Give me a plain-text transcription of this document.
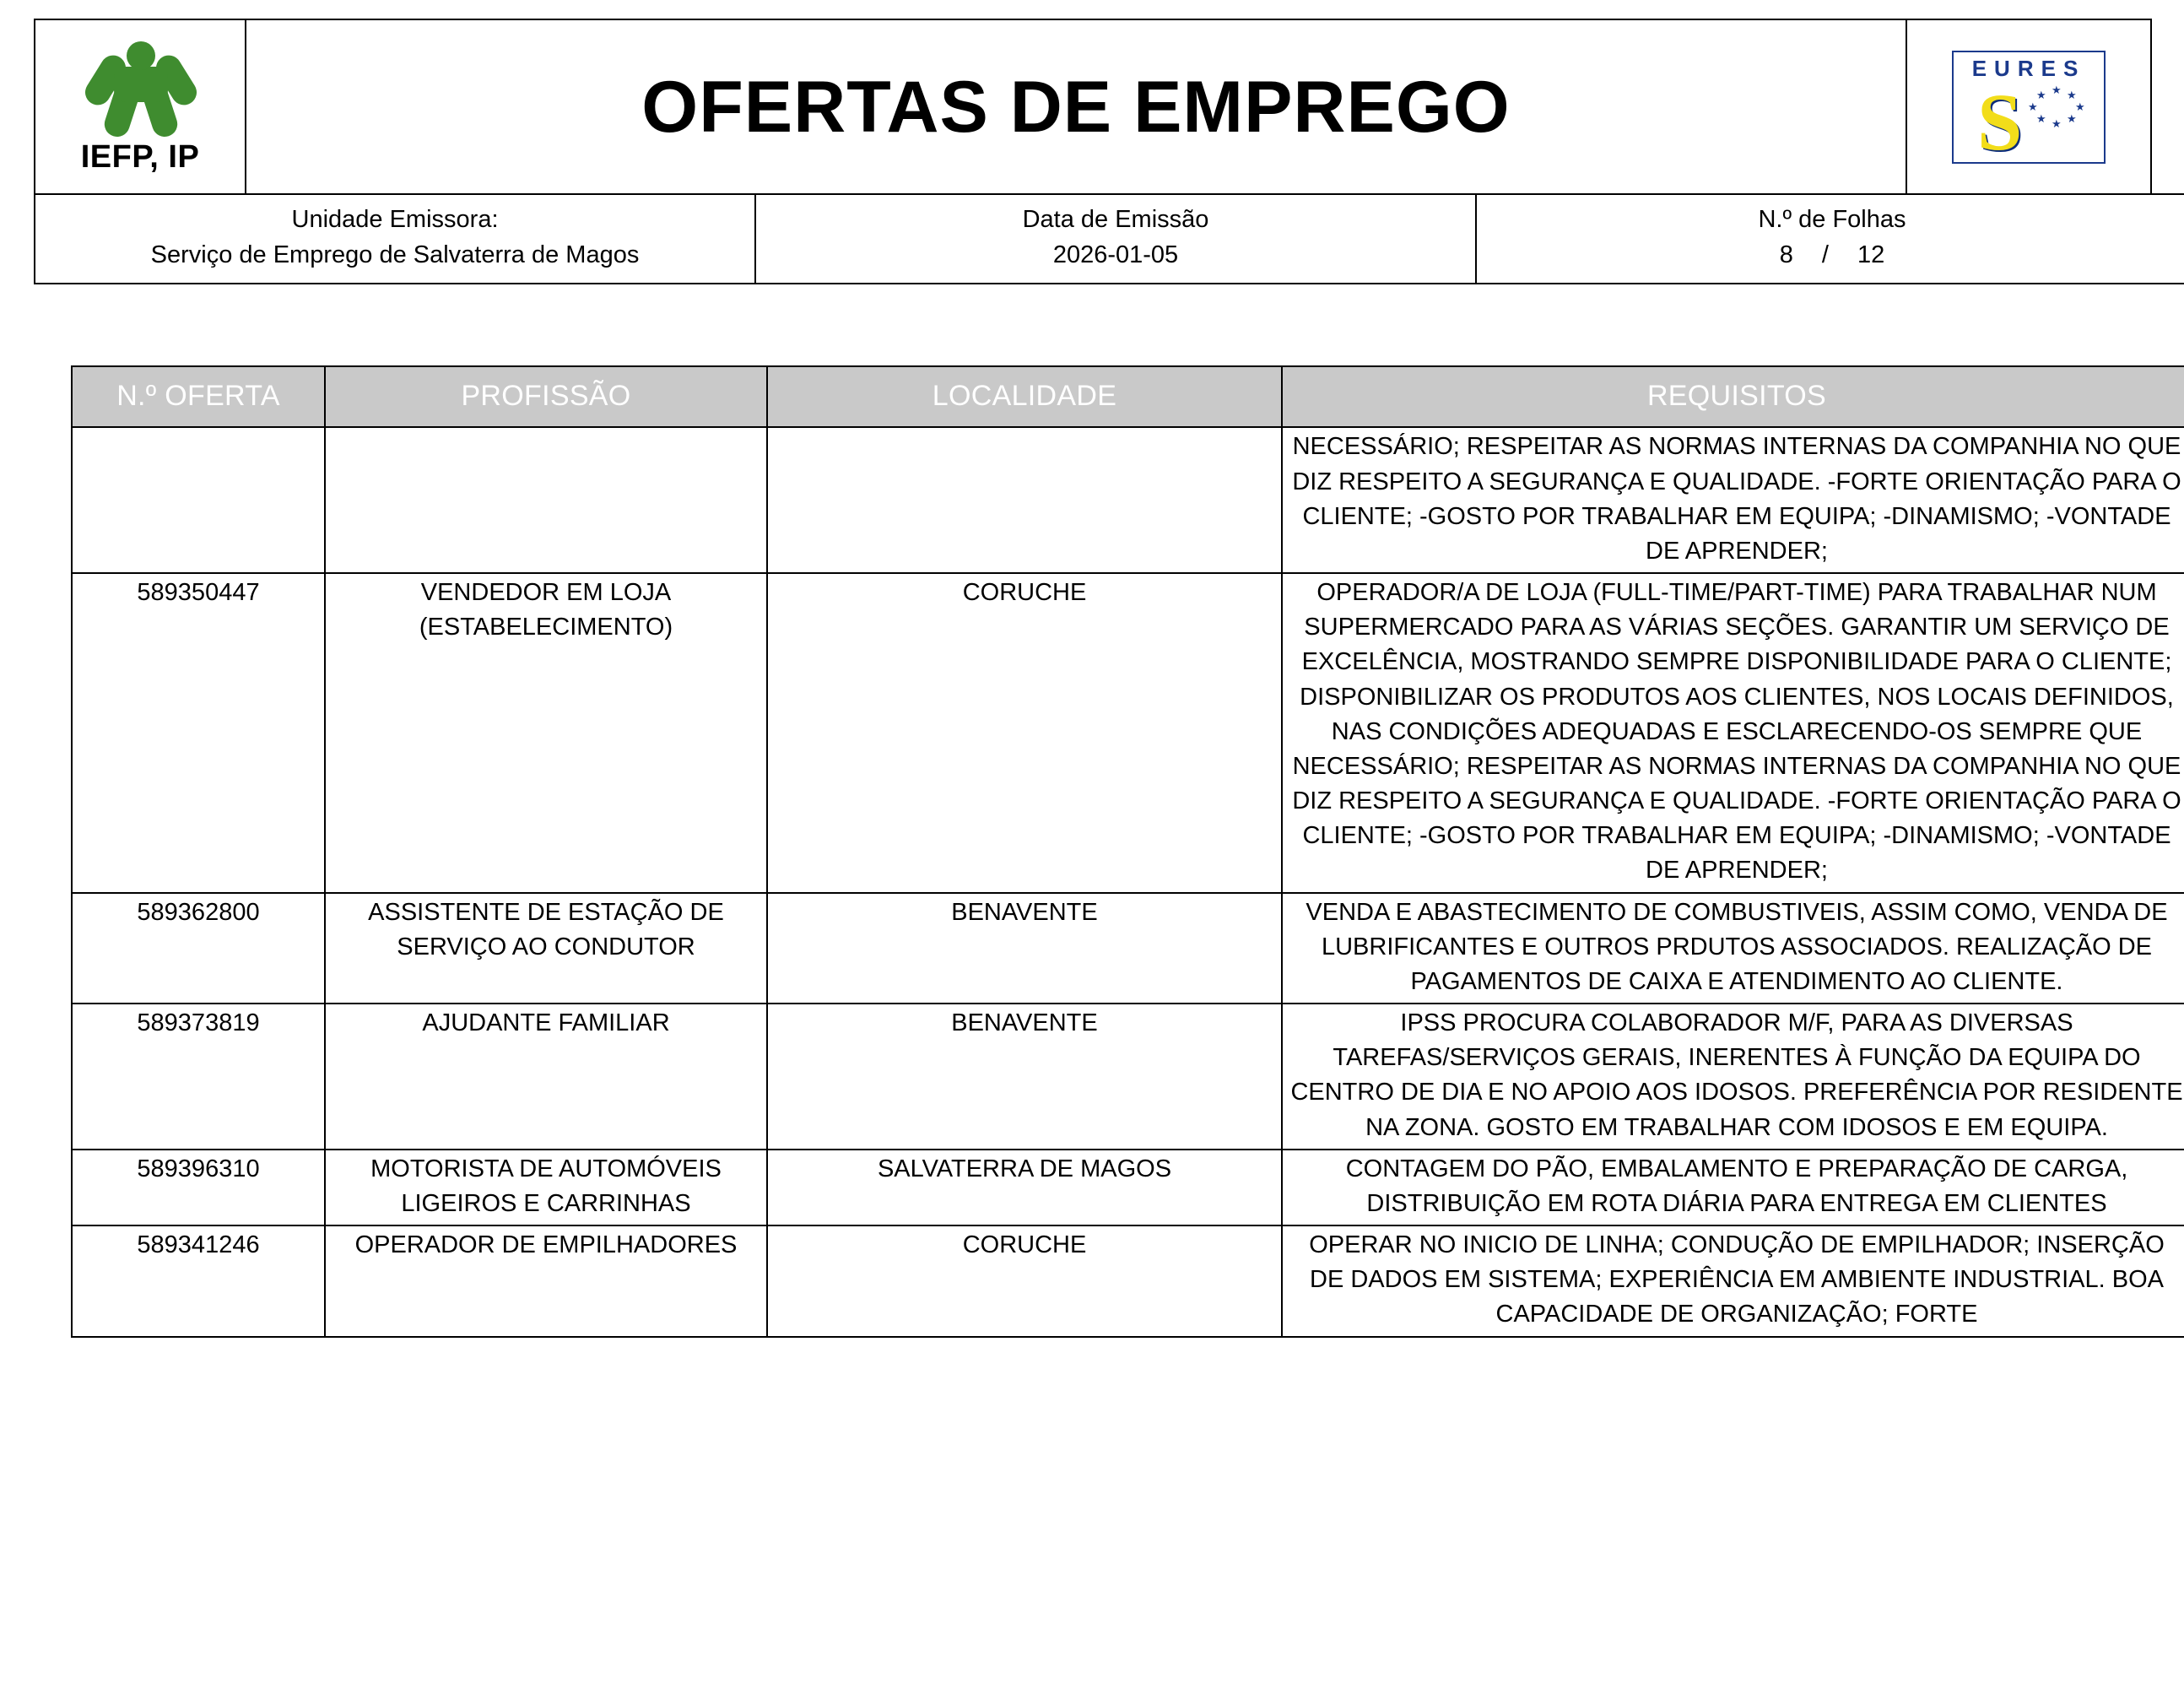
IEFP, IP

OFERTAS DE EMPREGO	EURES
S	★ ★
★
★
★
★
★
★
Unidade Emissora:
Serviço de Emprego de Salvaterra de Magos

Data de Emissão
2026-01-05

N.º de Folhas
8 / 12
N.º OFERTA	PROFISSÃO	LOCALIDADE	REQUISITOS
			NECESSÁRIO; RESPEITAR AS NORMAS INTERNAS DA COMPANHIA NO QUE DIZ RESPEITO A SEGURANÇA E QUALIDADE. -FORTE ORIENTAÇÃO PARA O CLIENTE; -GOSTO POR TRABALHAR EM EQUIPA; -DINAMISMO; -VONTADE DE APRENDER;
589350447	VENDEDOR EM LOJA (ESTABELECIMENTO)	CORUCHE	OPERADOR/A DE LOJA (FULL-TIME/PART-TIME) PARA TRABALHAR NUM SUPERMERCADO PARA AS VÁRIAS SEÇÕES. GARANTIR UM SERVIÇO DE EXCELÊNCIA, MOSTRANDO SEMPRE DISPONIBILIDADE PARA O CLIENTE; DISPONIBILIZAR OS PRODUTOS AOS CLIENTES, NOS LOCAIS DEFINIDOS, NAS CONDIÇÕES ADEQUADAS E ESCLARECENDO-OS SEMPRE QUE NECESSÁRIO; RESPEITAR AS NORMAS INTERNAS DA COMPANHIA NO QUE DIZ RESPEITO A SEGURANÇA E QUALIDADE. -FORTE ORIENTAÇÃO PARA O CLIENTE; -GOSTO POR TRABALHAR EM EQUIPA; -DINAMISMO; -VONTADE DE APRENDER;
589362800	ASSISTENTE DE ESTAÇÃO DE SERVIÇO AO CONDUTOR	BENAVENTE	VENDA E ABASTECIMENTO DE COMBUSTIVEIS, ASSIM COMO, VENDA DE LUBRIFICANTES E OUTROS PRDUTOS ASSOCIADOS. REALIZAÇÃO DE PAGAMENTOS DE CAIXA E ATENDIMENTO AO CLIENTE.
589373819	AJUDANTE FAMILIAR	BENAVENTE	IPSS PROCURA COLABORADOR M/F, PARA AS DIVERSAS TAREFAS/SERVIÇOS GERAIS, INERENTES À FUNÇÃO DA EQUIPA DO CENTRO DE DIA E NO APOIO AOS IDOSOS. PREFERÊNCIA POR RESIDENTE NA ZONA. GOSTO EM TRABALHAR COM IDOSOS E EM EQUIPA.
589396310	MOTORISTA DE AUTOMÓVEIS LIGEIROS E CARRINHAS	SALVATERRA DE MAGOS	CONTAGEM DO PÃO, EMBALAMENTO E PREPARAÇÃO DE CARGA, DISTRIBUIÇÃO EM ROTA DIÁRIA PARA ENTREGA EM CLIENTES
589341246	OPERADOR DE EMPILHADORES	CORUCHE	OPERAR NO INICIO DE LINHA; CONDUÇÃO DE EMPILHADOR; INSERÇÃO DE DADOS EM SISTEMA; EXPERIÊNCIA EM AMBIENTE INDUSTRIAL. BOA CAPACIDADE DE ORGANIZAÇÃO; FORTE
